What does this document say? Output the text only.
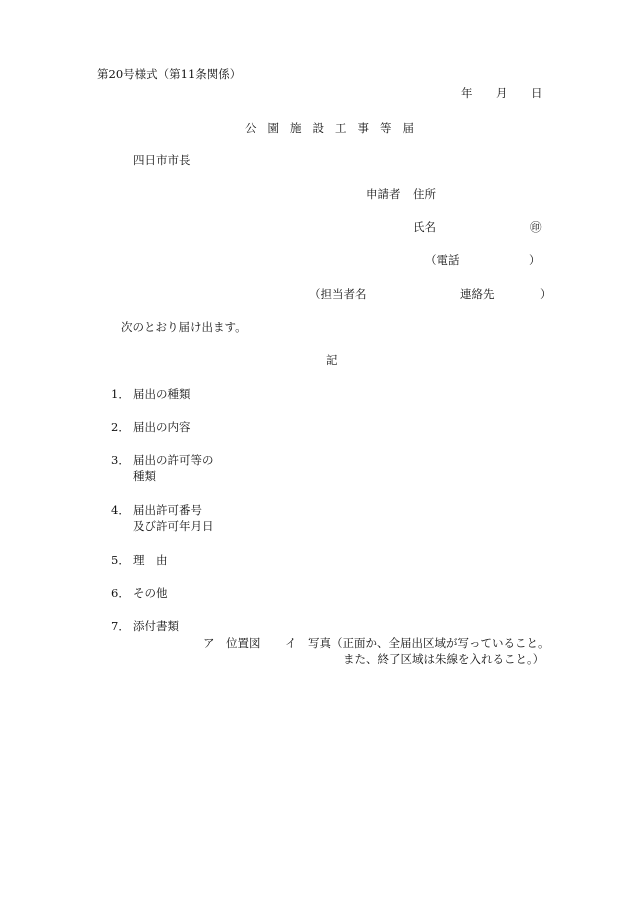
第20号様式（第11条関係）
年 月 日
公園施設工事等届
四日市市長
申請者 住所
氏名	㊞
（電話	）
（担当者名	連絡先	）
次のとおり届け出ます。
記
1． 届出の種類
2． 届出の内容
3． 届出の許可等の
種類
4． 届出許可番号
及び許可年月日
5． 理　由
6． その他
7． 添付書類
ア　位置図 イ　写真（正面か、全届出区域が写っていること。
また、終了区域は朱線を入れること。）
